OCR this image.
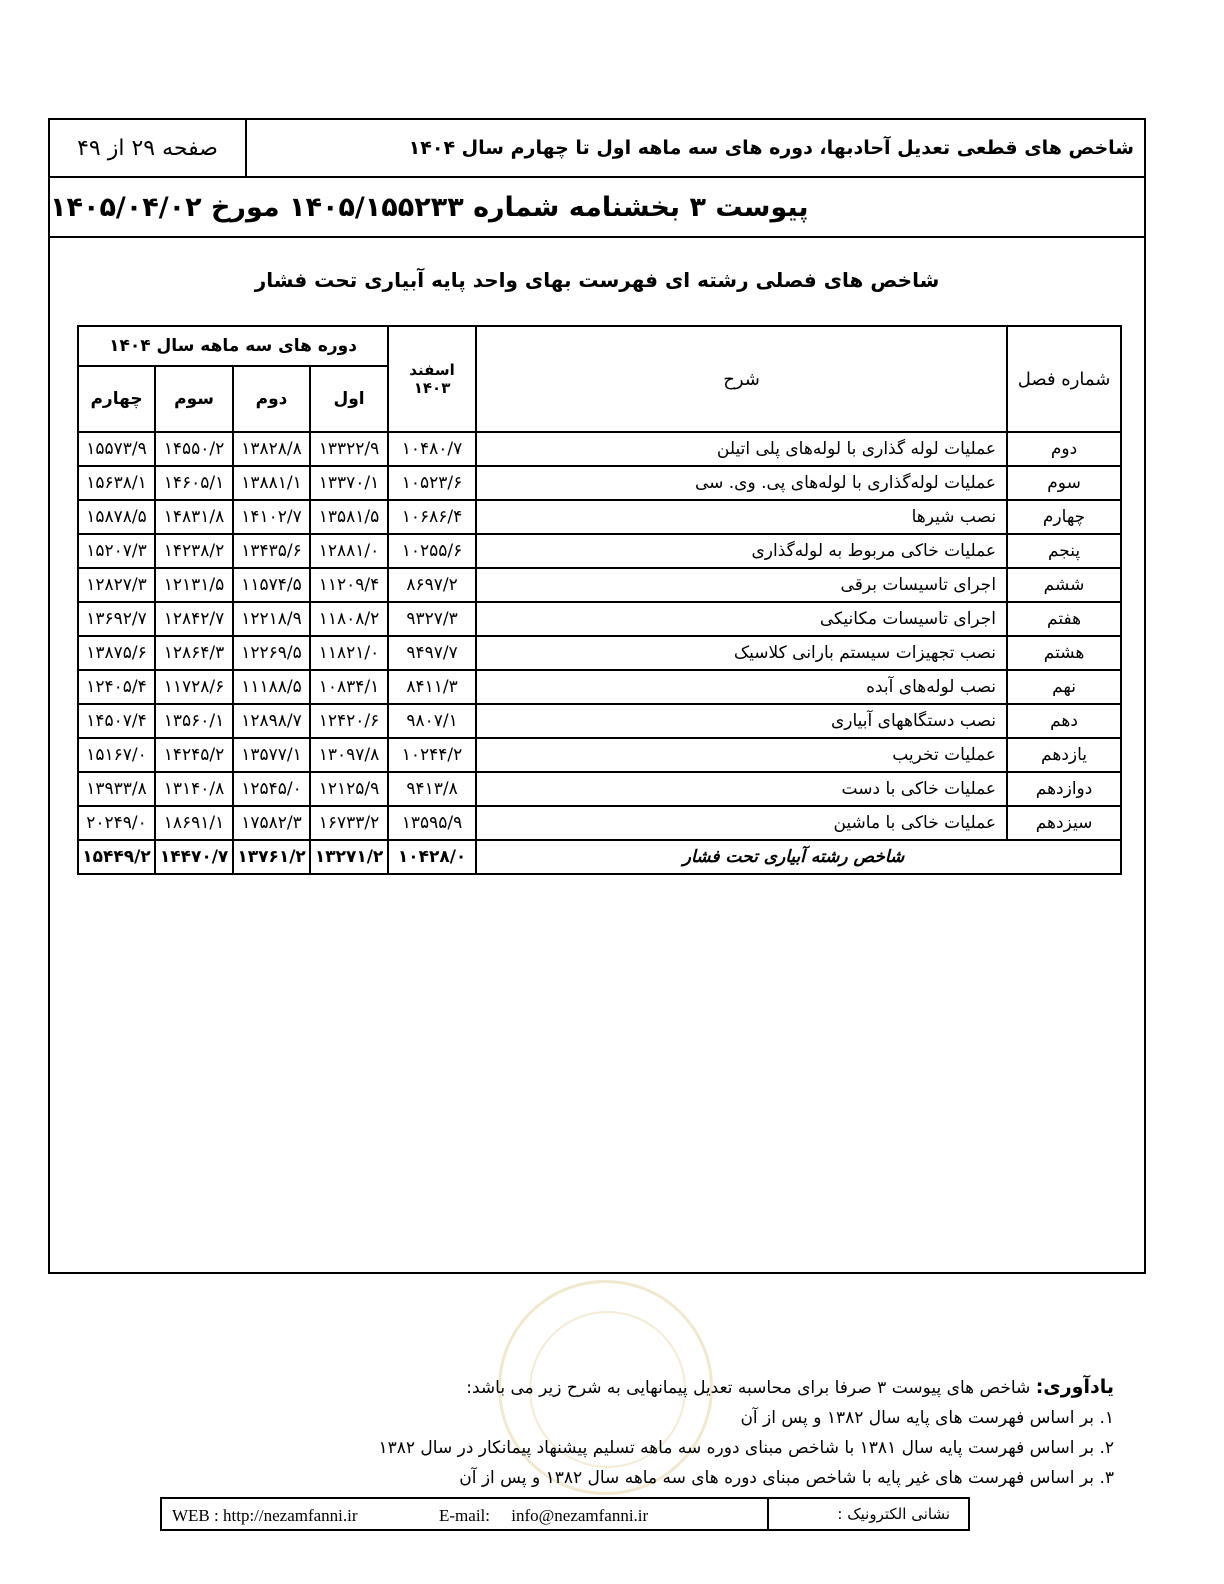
صفحه ۲۹ از ۴۹	شاخص های قطعی تعدیل آحادبها، دوره های سه ماهه اول تا چهارم سال ۱۴۰۴
پیوست ۳ بخشنامه شماره ۱۴۰۵/۱۵۵۲۳۳ مورخ ۱۴۰۵/۰۴/۰۲
شاخص های فصلی رشته ای فهرست بهای واحد پایه آبیاری تحت فشار
شماره فصل	شرح	اسفند ۱۴۰۳	دوره های سه ماهه سال ۱۴۰۴			
			اول	دوم	سوم	چهارم
دوم	عملیات لوله گذاری با لوله‌های پلی اتیلن	۱۰۴۸۰/۷	۱۳۳۲۲/۹	۱۳۸۲۸/۸	۱۴۵۵۰/۲	۱۵۵۷۳/۹
سوم	عملیات لوله‌گذاری با لوله‌های پی. وی. سی	۱۰۵۲۳/۶	۱۳۳۷۰/۱	۱۳۸۸۱/۱	۱۴۶۰۵/۱	۱۵۶۳۸/۱
چهارم	نصب شیرها	۱۰۶۸۶/۴	۱۳۵۸۱/۵	۱۴۱۰۲/۷	۱۴۸۳۱/۸	۱۵۸۷۸/۵
پنجم	عملیات خاکی مربوط به لوله‌گذاری	۱۰۲۵۵/۶	۱۲۸۸۱/۰	۱۳۴۳۵/۶	۱۴۲۳۸/۲	۱۵۲۰۷/۳
ششم	اجرای تاسیسات برقی	۸۶۹۷/۲	۱۱۲۰۹/۴	۱۱۵۷۴/۵	۱۲۱۳۱/۵	۱۲۸۲۷/۳
هفتم	اجرای تاسیسات مکانیکی	۹۳۲۷/۳	۱۱۸۰۸/۲	۱۲۲۱۸/۹	۱۲۸۴۲/۷	۱۳۶۹۲/۷
هشتم	نصب تجهیزات سیستم بارانی کلاسیک	۹۴۹۷/۷	۱۱۸۲۱/۰	۱۲۲۶۹/۵	۱۲۸۶۴/۳	۱۳۸۷۵/۶
نهم	نصب لوله‌های آبده	۸۴۱۱/۳	۱۰۸۳۴/۱	۱۱۱۸۸/۵	۱۱۷۲۸/۶	۱۲۴۰۵/۴
دهم	نصب دستگاههای آبیاری	۹۸۰۷/۱	۱۲۴۲۰/۶	۱۲۸۹۸/۷	۱۳۵۶۰/۱	۱۴۵۰۷/۴
یازدهم	عملیات تخریب	۱۰۲۴۴/۲	۱۳۰۹۷/۸	۱۳۵۷۷/۱	۱۴۲۴۵/۲	۱۵۱۶۷/۰
دوازدهم	عملیات خاکی با دست	۹۴۱۳/۸	۱۲۱۲۵/۹	۱۲۵۴۵/۰	۱۳۱۴۰/۸	۱۳۹۳۳/۸
سیزدهم	عملیات خاکی با ماشین	۱۳۵۹۵/۹	۱۶۷۳۳/۲	۱۷۵۸۲/۳	۱۸۶۹۱/۱	۲۰۲۴۹/۰
شاخص رشته آبیاری تحت فشار		۱۰۴۲۸/۰	۱۳۲۷۱/۲	۱۳۷۶۱/۲	۱۴۴۷۰/۷	۱۵۴۴۹/۲
یادآوری: شاخص های پیوست ۳ صرفا برای محاسبه تعدیل پیمانهایی به شرح زیر می باشد:
۱. بر اساس فهرست های پایه سال ۱۳۸۲ و پس از آن
۲. بر اساس فهرست پایه سال ۱۳۸۱ با شاخص مبنای دوره سه ماهه تسلیم پیشنهاد پیمانکار در سال ۱۳۸۲
۳. بر اساس فهرست های غیر پایه با شاخص مبنای دوره های سه ماهه سال ۱۳۸۲ و پس از آن
نشانی الکترونیک :
WEB : http://nezamfanni.ir	E-mail:     info@nezamfanni.ir
